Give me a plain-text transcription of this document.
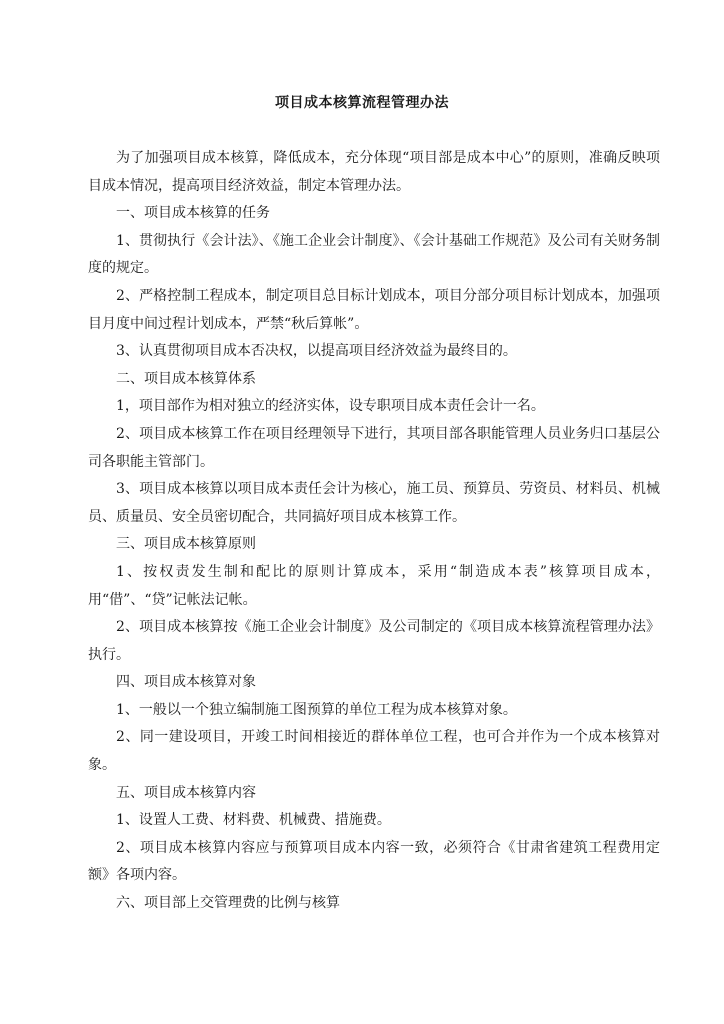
项目成本核算流程管理办法

为了加强项目成本核算，降低成本，充分体现“项目部是成本中心”的原则，准确反映项目成本情况，提高项目经济效益，制定本管理办法。

一、项目成本核算的任务

1、贯彻执行《会计法》、《施工企业会计制度》、《会计基础工作规范》及公司有关财务制度的规定。

2、严格控制工程成本，制定项目总目标计划成本，项目分部分项目标计划成本，加强项目月度中间过程计划成本，严禁“秋后算帐”。

3、认真贯彻项目成本否决权，以提高项目经济效益为最终目的。

二、项目成本核算体系

1，项目部作为相对独立的经济实体，设专职项目成本责任会计一名。

2、项目成本核算工作在项目经理领导下进行，其项目部各职能管理人员业务归口基层公司各职能主管部门。

3、项目成本核算以项目成本责任会计为核心，施工员、预算员、劳资员、材料员、机械员、质量员、安全员密切配合，共同搞好项目成本核算工作。

三、项目成本核算原则

1、按权责发生制和配比的原则计算成本，采用“制造成本表”核算项目成本，用“借”、“贷”记帐法记帐。

2、项目成本核算按《施工企业会计制度》及公司制定的《项目成本核算流程管理办法》执行。

四、项目成本核算对象

1、一般以一个独立编制施工图预算的单位工程为成本核算对象。

2、同一建设项目，开竣工时间相接近的群体单位工程，也可合并作为一个成本核算对象。

五、项目成本核算内容

1、设置人工费、材料费、机械费、措施费。

2、项目成本核算内容应与预算项目成本内容一致，必须符合《甘肃省建筑工程费用定额》各项内容。

六、项目部上交管理费的比例与核算
